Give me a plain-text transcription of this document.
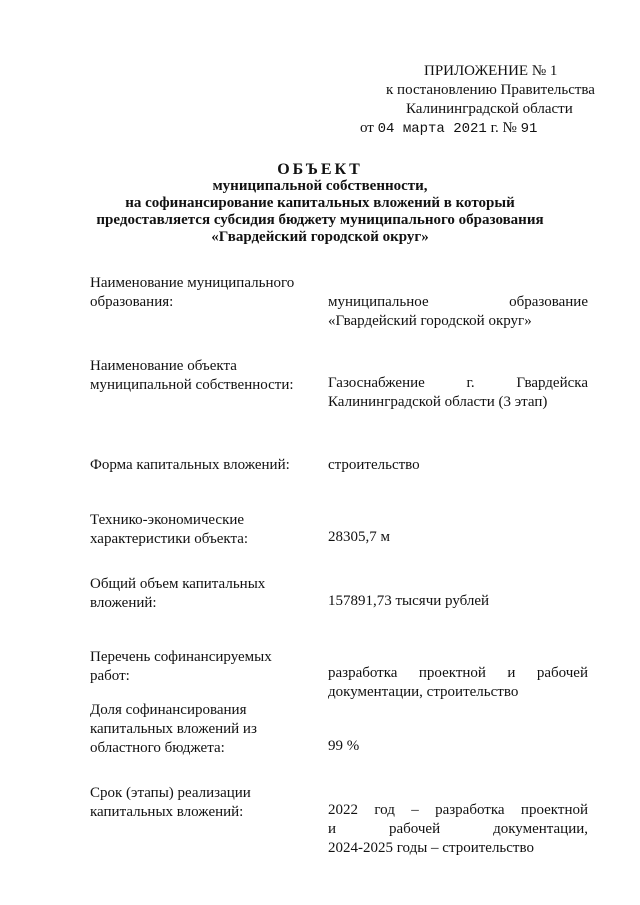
ПРИЛОЖЕНИЕ № 1
к постановлению Правительства
Калининградской области
от 04 марта 2021 г. № 91
ОБЪЕКТ
муниципальной собственности,
на софинансирование капитальных вложений в который
предоставляется субсидия бюджету муниципального образования
«Гвардейский городской округ»
Наименование муниципального
образования:	муниципальное образование
«Гвардейский городской округ»
Наименование объекта
муниципальной собственности:	Газоснабжение г. Гвардейска
Калининградской области (3 этап)
Форма капитальных вложений:	строительство
Технико-экономические
характеристики объекта:	28305,7 м
Общий объем капитальных
вложений:	157891,73 тысячи рублей
Перечень софинансируемых
работ:	разработка проектной и рабочей
документации, строительство
Доля софинансирования
капитальных вложений из
областного бюджета:	99 %
Срок (этапы) реализации
капитальных вложений:	2022 год – разработка проектной
и рабочей документации,
2024-2025 годы – строительство
